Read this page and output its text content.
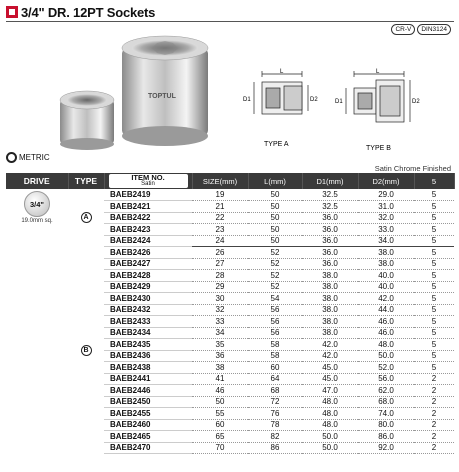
3/4" DR. 12PT Sockets
CR-V	DIN3124
TOPTUL
L
D1	D2
TYPE A
L
D1	D2
TYPE B
METRIC
Satin Chrome Finished
DRIVE	TYPE	ITEM NO.
Satin	SIZE(mm)	L(mm)	D1(mm)	D2(mm)	5

3/4"
19.0mm sq.	A	BAEB2419	19	50	32.5	29.0	5
		BAEB2421	21	50	32.5	31.0	5
		BAEB2422	22	50	36.0	32.0	5
		BAEB2423	23	50	36.0	33.0	5
		BAEB2424	24	50	36.0	34.0	5

	B	BAEB2426	26	52	36.0	38.0	5
		BAEB2427	27	52	36.0	38.0	5
		BAEB2428	28	52	38.0	40.0	5
		BAEB2429	29	52	38.0	40.0	5
		BAEB2430	30	54	38.0	42.0	5
		BAEB2432	32	56	38.0	44.0	5
		BAEB2433	33	56	38.0	46.0	5
		BAEB2434	34	56	38.0	46.0	5
		BAEB2435	35	58	42.0	48.0	5
		BAEB2436	36	58	42.0	50.0	5
		BAEB2438	38	60	45.0	52.0	5
		BAEB2441	41	64	45.0	56.0	2
		BAEB2446	46	68	47.0	62.0	2
		BAEB2450	50	72	48.0	68.0	2
		BAEB2455	55	76	48.0	74.0	2
		BAEB2460	60	78	48.0	80.0	2
		BAEB2465	65	82	50.0	86.0	2
		BAEB2470	70	86	50.0	92.0	2
